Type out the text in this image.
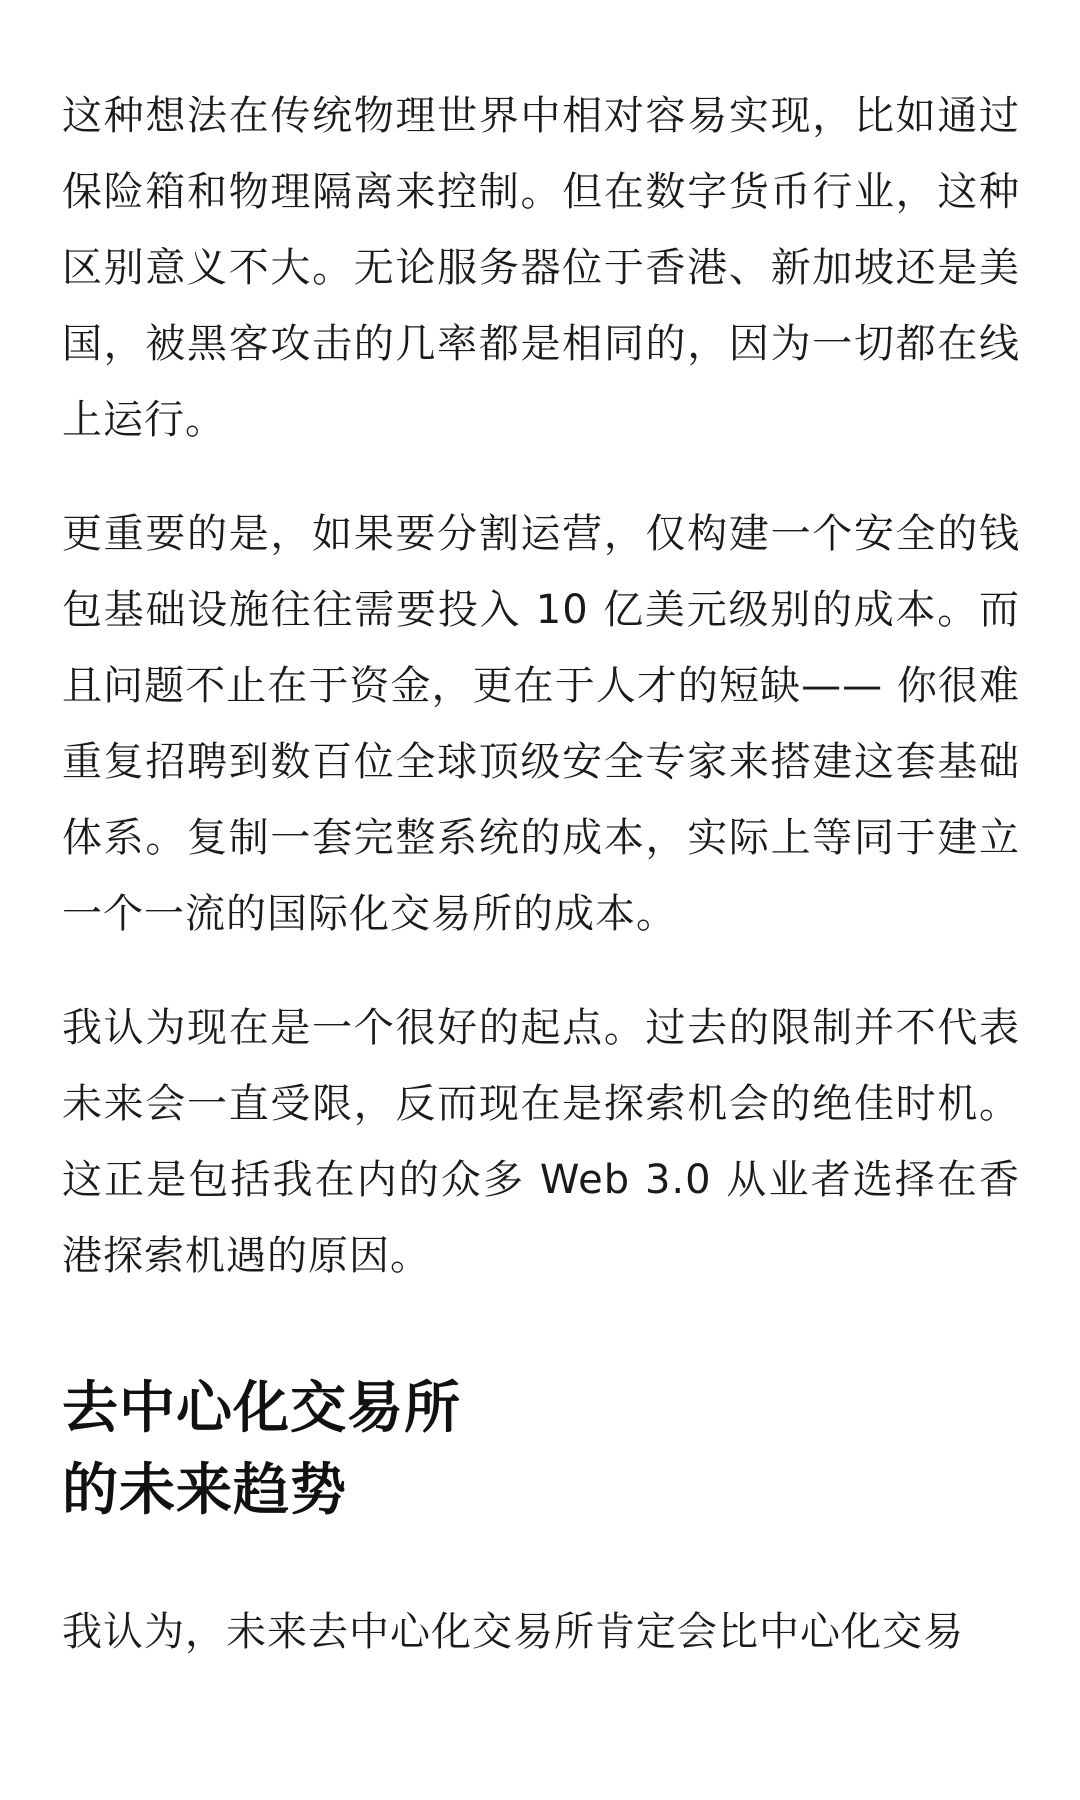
这种想法在传统物理世界中相对容易实现，比如通过保险箱和物理隔离来控制。但在数字货币行业，这种区别意义不大。无论服务器位于香港、新加坡还是美国，被黑客攻击的几率都是相同的，因为一切都在线上运行。

更重要的是，如果要分割运营，仅构建一个安全的钱包基础设施往往需要投入 10 亿美元级别的成本。而且问题不止在于资金，更在于人才的短缺—— 你很难重复招聘到数百位全球顶级安全专家来搭建这套基础体系。复制一套完整系统的成本，实际上等同于建立一个一流的国际化交易所的成本。

我认为现在是一个很好的起点。过去的限制并不代表未来会一直受限，反而现在是探索机会的绝佳时机。这正是包括我在内的众多 Web 3.0 从业者选择在香港探索机遇的原因。

去中心化交易所
的未来趋势

我认为，未来去中心化交易所肯定会比中心化交易
